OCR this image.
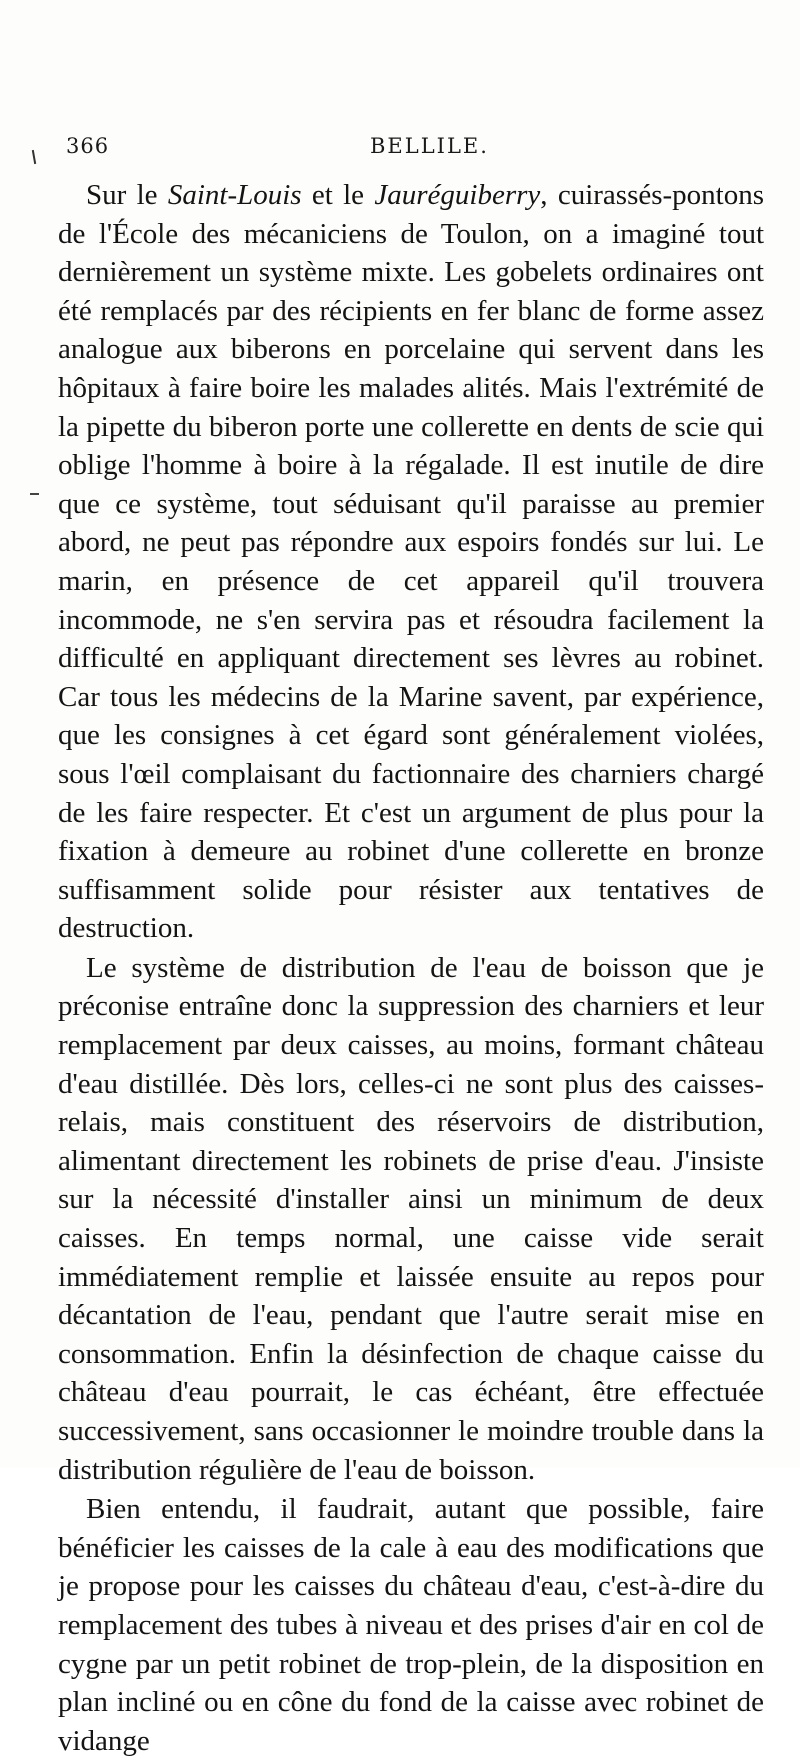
366	BELLILE.

Sur le Saint-Louis et le Jauréguiberry, cuirassés-pontons de l'École des mécaniciens de Toulon, on a imaginé tout dernièrement un système mixte. Les gobelets ordinaires ont été remplacés par des récipients en fer blanc de forme assez analogue aux biberons en porcelaine qui servent dans les hôpitaux à faire boire les malades alités. Mais l'extrémité de la pipette du biberon porte une collerette en dents de scie qui oblige l'homme à boire à la régalade. Il est inutile de dire que ce système, tout séduisant qu'il paraisse au premier abord, ne peut pas répondre aux espoirs fondés sur lui. Le marin, en présence de cet appareil qu'il trouvera incommode, ne s'en servira pas et résoudra facilement la difficulté en appliquant directement ses lèvres au robinet. Car tous les médecins de la Marine savent, par expérience, que les consignes à cet égard sont généralement violées, sous l'œil complaisant du factionnaire des charniers chargé de les faire respecter. Et c'est un argument de plus pour la fixation à demeure au robinet d'une collerette en bronze suffisamment solide pour résister aux tentatives de destruction.

Le système de distribution de l'eau de boisson que je préconise entraîne donc la suppression des charniers et leur remplacement par deux caisses, au moins, formant château d'eau distillée. Dès lors, celles-ci ne sont plus des caisses-relais, mais constituent des réservoirs de distribution, alimentant directement les robinets de prise d'eau. J'insiste sur la nécessité d'installer ainsi un minimum de deux caisses. En temps normal, une caisse vide serait immédiatement remplie et laissée ensuite au repos pour décantation de l'eau, pendant que l'autre serait mise en consommation. Enfin la désinfection de chaque caisse du château d'eau pourrait, le cas échéant, être effectuée successivement, sans occasionner le moindre trouble dans la distribution régulière de l'eau de boisson.

Bien entendu, il faudrait, autant que possible, faire bénéficier les caisses de la cale à eau des modifications que je propose pour les caisses du château d'eau, c'est-à-dire du remplacement des tubes à niveau et des prises d'air en col de cygne par un petit robinet de trop-plein, de la disposition en plan incliné ou en cône du fond de la caisse avec robinet de vidange
